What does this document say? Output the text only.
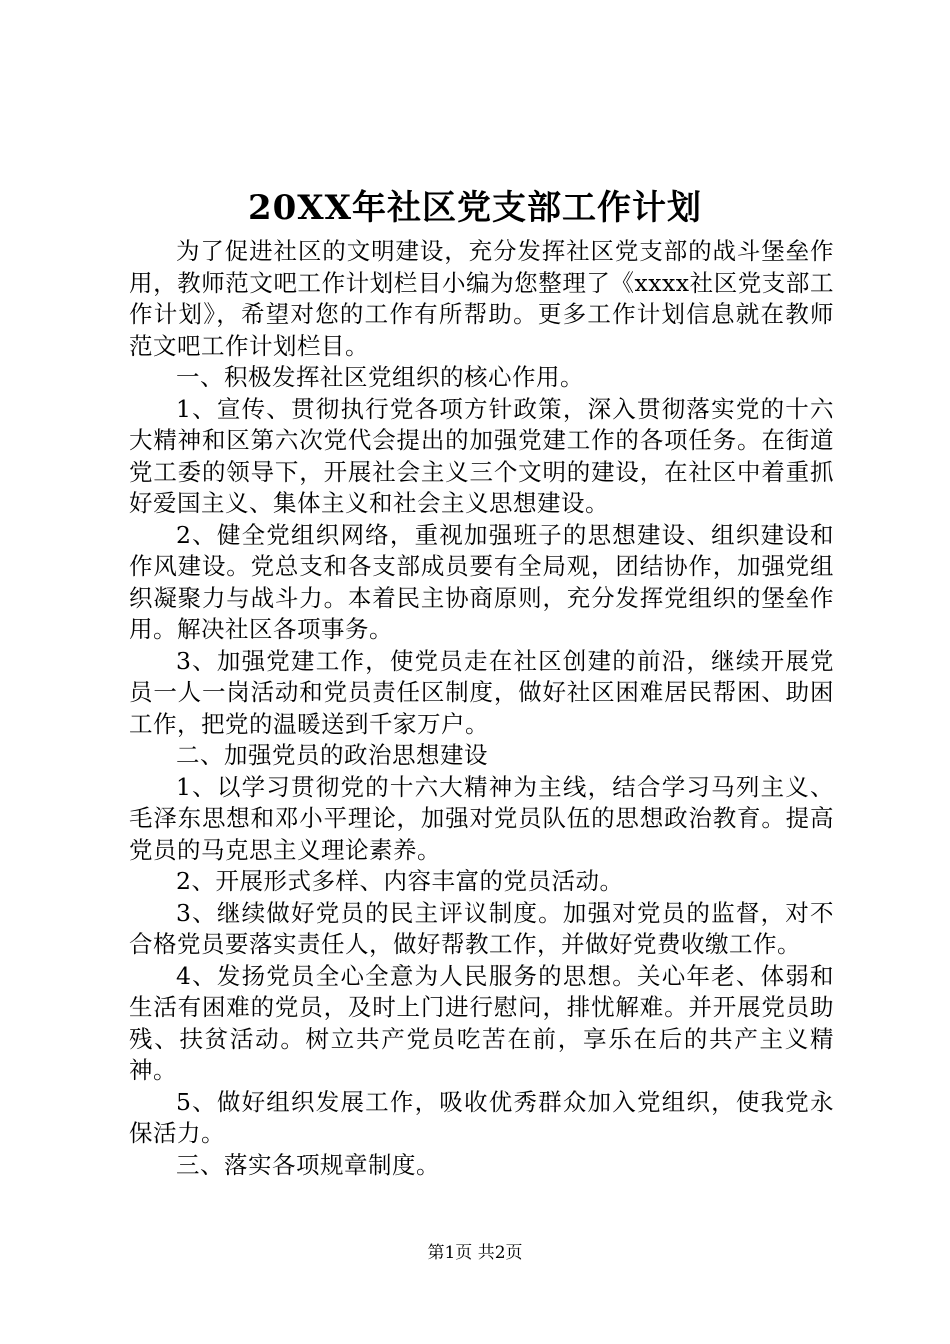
20XX年社区党支部工作计划

为了促进社区的文明建设，充分发挥社区党支部的战斗堡垒作用，教师范文吧工作计划栏目小编为您整理了《xxxx社区党支部工作计划》，希望对您的工作有所帮助。更多工作计划信息就在教师范文吧工作计划栏目。

一、积极发挥社区党组织的核心作用。

1、宣传、贯彻执行党各项方针政策，深入贯彻落实党的十六大精神和区第六次党代会提出的加强党建工作的各项任务。在街道党工委的领导下，开展社会主义三个文明的建设，在社区中着重抓好爱国主义、集体主义和社会主义思想建设。

2、健全党组织网络，重视加强班子的思想建设、组织建设和作风建设。党总支和各支部成员要有全局观，团结协作，加强党组织凝聚力与战斗力。本着民主协商原则，充分发挥党组织的堡垒作用。解决社区各项事务。

3、加强党建工作，使党员走在社区创建的前沿，继续开展党员一人一岗活动和党员责任区制度，做好社区困难居民帮困、助困工作，把党的温暖送到千家万户。

二、加强党员的政治思想建设

1、以学习贯彻党的十六大精神为主线，结合学习马列主义、毛泽东思想和邓小平理论，加强对党员队伍的思想政治教育。提高党员的马克思主义理论素养。

2、开展形式多样、内容丰富的党员活动。

3、继续做好党员的民主评议制度。加强对党员的监督，对不合格党员要落实责任人，做好帮教工作，并做好党费收缴工作。

4、发扬党员全心全意为人民服务的思想。关心年老、体弱和生活有困难的党员，及时上门进行慰问，排忧解难。并开展党员助残、扶贫活动。树立共产党员吃苦在前，享乐在后的共产主义精神。

5、做好组织发展工作，吸收优秀群众加入党组织，使我党永保活力。

三、落实各项规章制度。

第1页 共2页
